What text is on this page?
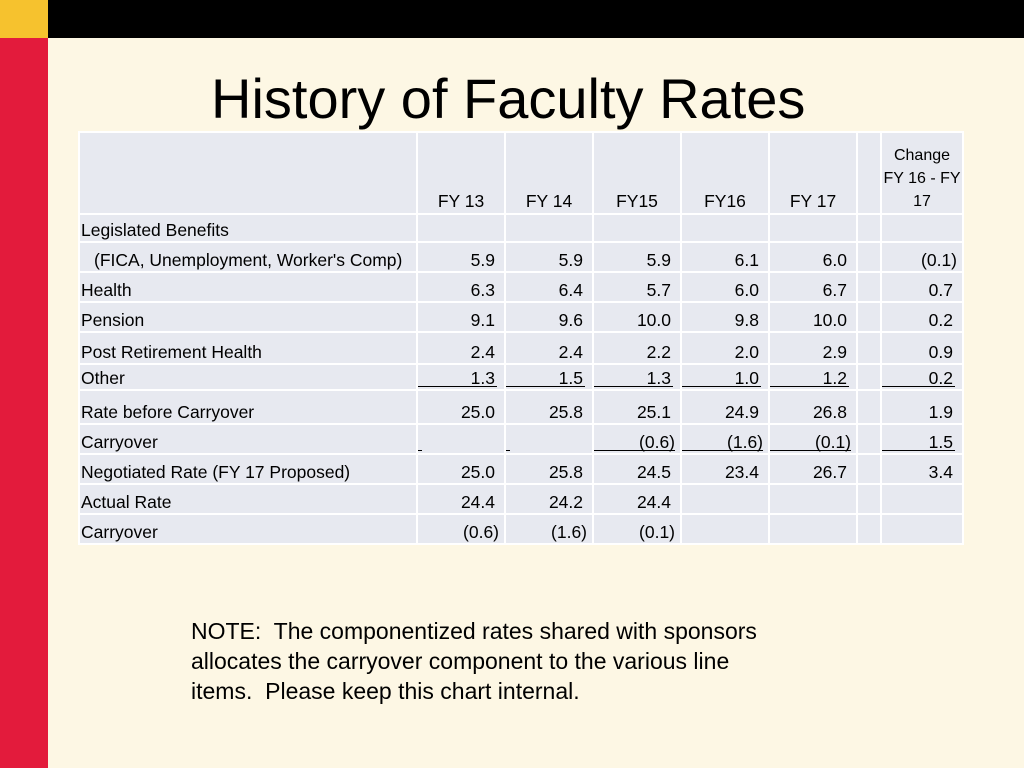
History of Faculty Rates
	FY 13	FY 14	FY15	FY16	FY 17		Change
FY 16 - FY
17
Legislated Benefits							
(FICA, Unemployment, Worker's Comp)	5.9	5.9	5.9	6.1	6.0		(0.1)
Health	6.3	6.4	5.7	6.0	6.7		0.7
Pension	9.1	9.6	10.0	9.8	10.0		0.2
Post Retirement Health	2.4	2.4	2.2	2.0	2.9		0.9
Other	1.3	1.5	1.3	1.0	1.2		0.2
Rate before Carryover	25.0	25.8	25.1	24.9	26.8		1.9
Carryover			(0.6)	(1.6)	(0.1)		1.5
Negotiated Rate (FY 17 Proposed)	25.0	25.8	24.5	23.4	26.7		3.4
Actual Rate	24.4	24.2	24.4				
Carryover	(0.6)	(1.6)	(0.1)				
NOTE:  The componentized rates shared with sponsors allocates the carryover component to the various line items.  Please keep this chart internal.
